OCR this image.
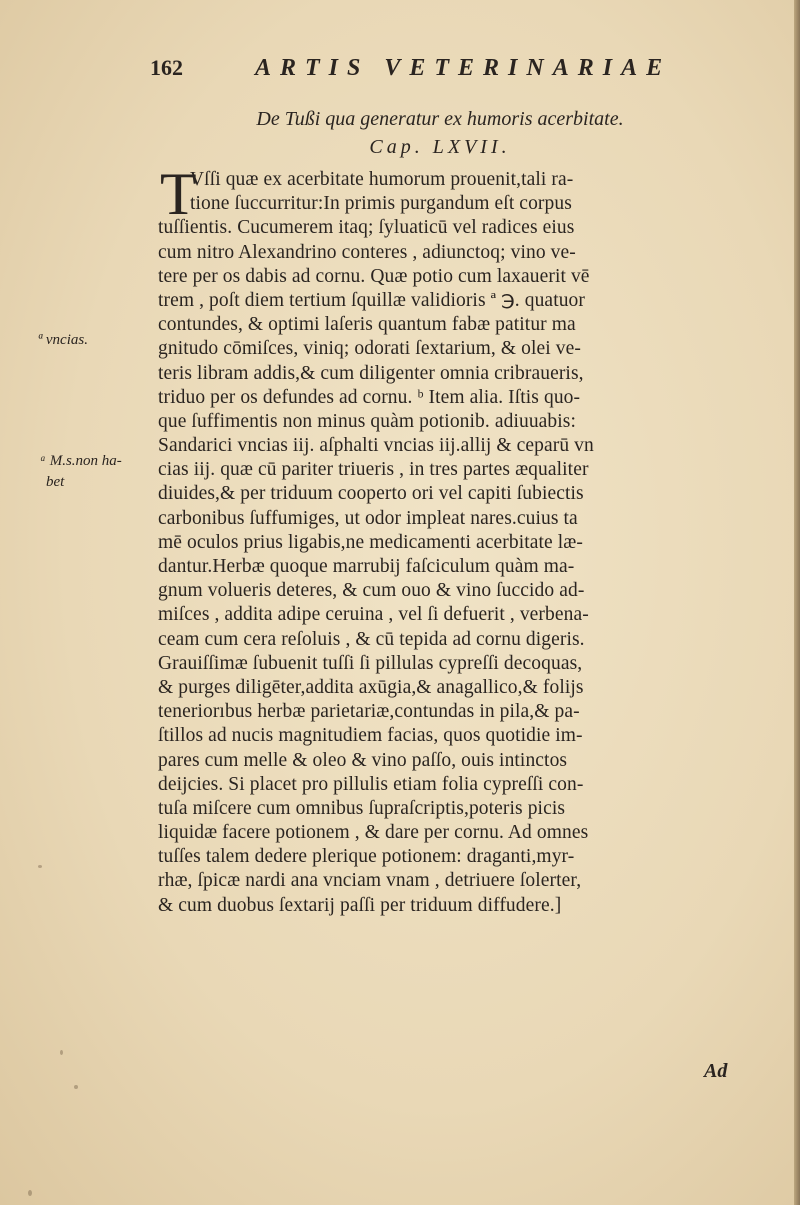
162	ARTIS VETERINARIAE
De Tußi qua generatur ex humoris acerbitate.
Cap. LXVII.
T
Vſſi quæ ex acerbitate humorum prouenit,tali ra-
tione ſuccurritur:In primis purgandum eſt corpus
tuſſientis. Cucumerem itaq; ſyluaticū vel radices eius
cum nitro Alexandrino conteres , adiunctoq; vino ve-
tere per os dabis ad cornu. Quæ potio cum laxauerit vē
trem , poſt diem tertium ſquillæ validioris ª ℈. quatuor
contundes, & optimi laſeris quantum fabæ patitur ma
gnitudo cōmiſces, viniq; odorati ſextarium, & olei ve-
teris libram addis,& cum diligenter omnia cribraueris,
triduo per os defundes ad cornu. ᵇ Item alia. Iſtis quo-
que ſuffimentis non minus quàm potionib. adiuuabis:
Sandarici vncias iij. aſphalti vncias iij.allij & ceparū vn
cias iij. quæ cū pariter triueris , in tres partes æqualiter
diuides,& per triduum cooperto ori vel capiti ſubiectis
carbonibus ſuffumiges, ut odor impleat nares.cuius ta
mē oculos prius ligabis,ne medicamenti acerbitate læ-
dantur.Herbæ quoque marrubij faſciculum quàm ma-
gnum volueris deteres, & cum ouo & vino ſuccido ad-
miſces , addita adipe ceruina , vel ſi defuerit , verbena-
ceam cum cera reſoluis , & cū tepida ad cornu digeris.
Grauiſſimæ ſubuenit tuſſi ſi pillulas cypreſſi decoquas,
& purges diligēter,addita axūgia,& anagallico,& folijs
teneriorıbus herbæ parietariæ,contundas in pila,& pa-
ſtillos ad nucis magnitudiem facias, quos quotidie im-
pares cum melle & oleo & vino paſſo, ouis intinctos
deijcies. Si placet pro pillulis etiam folia cypreſſi con-
tuſa miſcere cum omnibus ſupraſcriptis,poteris picis
liquidæ facere potionem , & dare per cornu. Ad omnes
tuſſes talem dedere plerique potionem: draganti,myr-
rhæ, ſpicæ nardi ana vnciam vnam , detriuere ſolerter,
& cum duobus ſextarij paſſi per triduum diffudere.]
ª vncias.
ᵃ M.s.non ha-
bet
Ad
